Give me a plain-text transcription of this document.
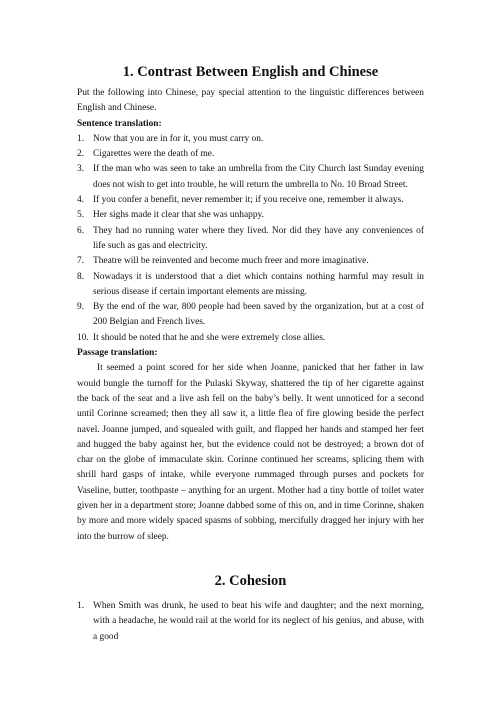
1. Contrast Between English and Chinese

Put the following into Chinese, pay special attention to the linguistic differences between English and Chinese.

Sentence translation:

1. Now that you are in for it, you must carry on.
2. Cigarettes were the death of me.
3. If the man who was seen to take an umbrella from the City Church last Sunday evening does not wish to get into trouble, he will return the umbrella to No. 10 Broad Street.
4. If you confer a benefit, never remember it; if you receive one, remember it always.
5. Her sighs made it clear that she was unhappy.
6. They had no running water where they lived. Nor did they have any conveniences of life such as gas and electricity.
7. Theatre will be reinvented and become much freer and more imaginative.
8. Nowadays it is understood that a diet which contains nothing harmful may result in serious disease if certain important elements are missing.
9. By the end of the war, 800 people had been saved by the organization, but at a cost of 200 Belgian and French lives.
10. It should be noted that he and she were extremely close allies.

Passage translation:

It seemed a point scored for her side when Joanne, panicked that her father in law would bungle the turnoff for the Pulaski Skyway, shattered the tip of her cigarette against the back of the seat and a live ash fell on the baby’s belly. It went unnoticed for a second until Corinne screamed; then they all saw it, a little flea of fire glowing beside the perfect navel. Joanne jumped, and squealed with guilt, and flapped her hands and stamped her feet and hugged the baby against her, but the evidence could not be destroyed; a brown dot of char on the globe of immaculate skin. Corinne continued her screams, splicing them with shrill hard gasps of intake, while everyone rummaged through purses and pockets for Vaseline, butter, toothpaste – anything for an urgent. Mother had a tiny bottle of toilet water given her in a department store; Joanne dabbed some of this on, and in time Corinne, shaken by more and more widely spaced spasms of sobbing, mercifully dragged her injury with her into the burrow of sleep.

2. Cohesion
1. When Smith was drunk, he used to beat his wife and daughter; and the next morning, with a headache, he would rail at the world for its neglect of his genius, and abuse, with a good
